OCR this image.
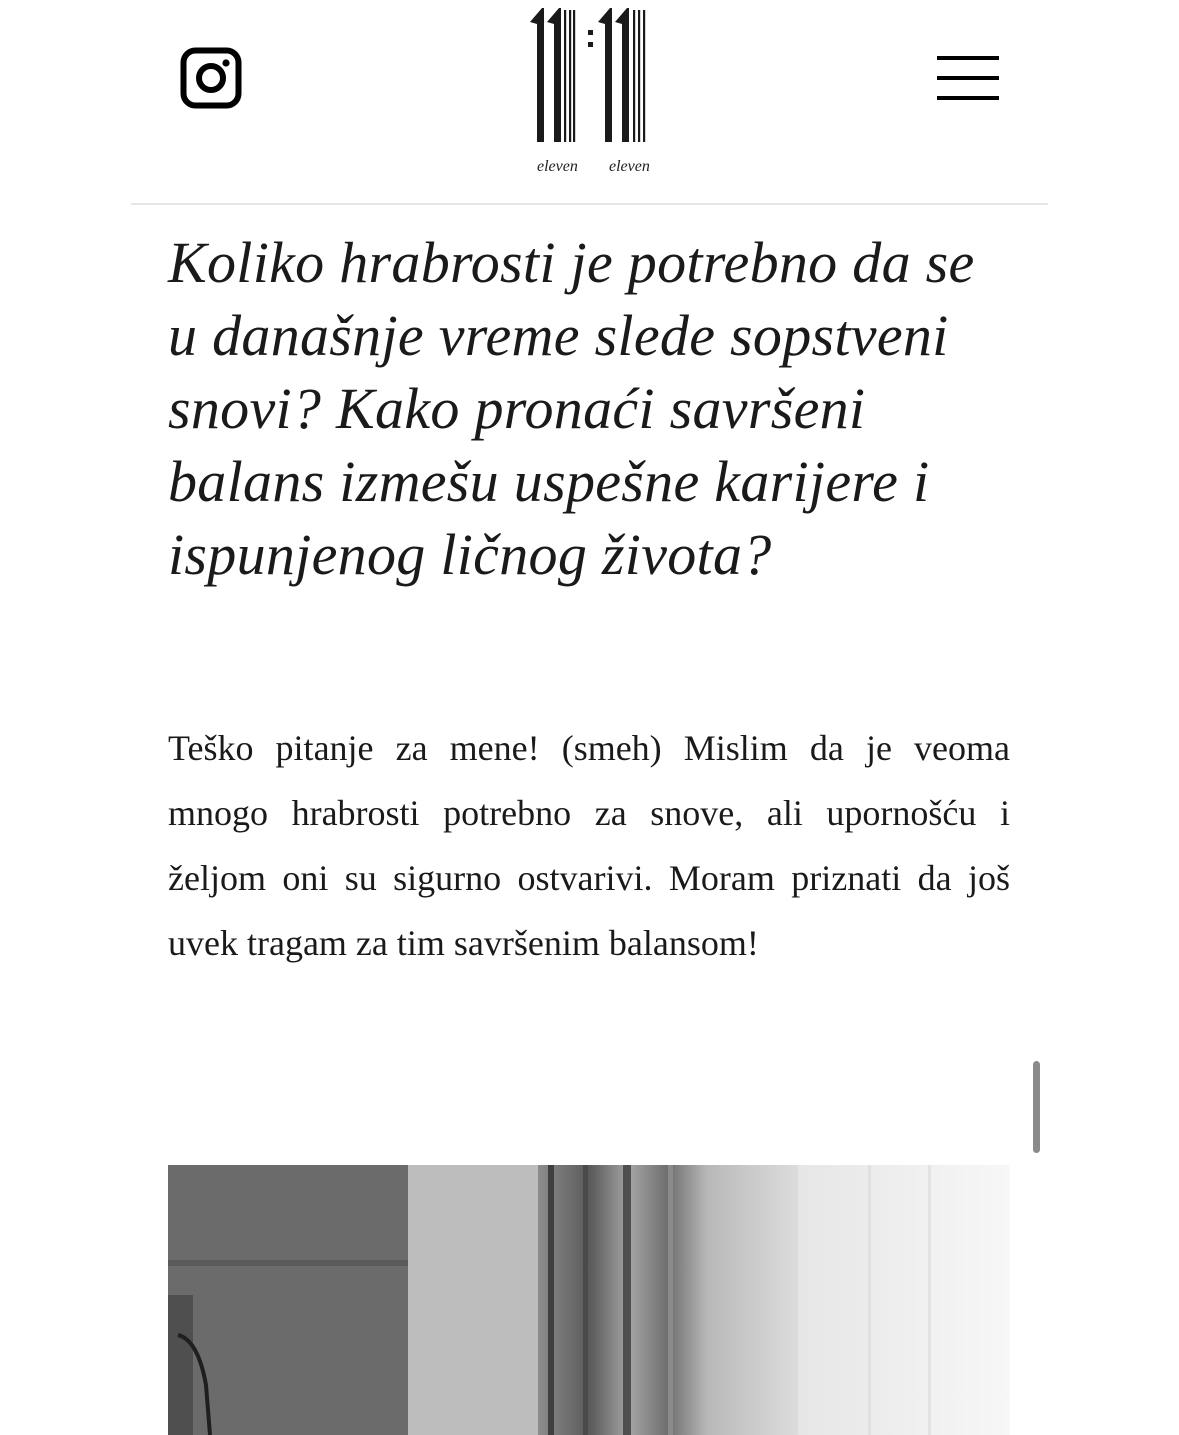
eleven eleven
Koliko hrabrosti je potrebno da se u današnje vreme slede sopstveni snovi? Kako pronaći savršeni balans izmešu uspešne karijere i ispunjenog ličnog života?

Teško pitanje za mene! (smeh) Mislim da je veoma mnogo hrabrosti potrebno za snove, ali upornošću i željom oni su sigurno ostvarivi. Moram priznati da još uvek tragam za tim savršenim balansom!
